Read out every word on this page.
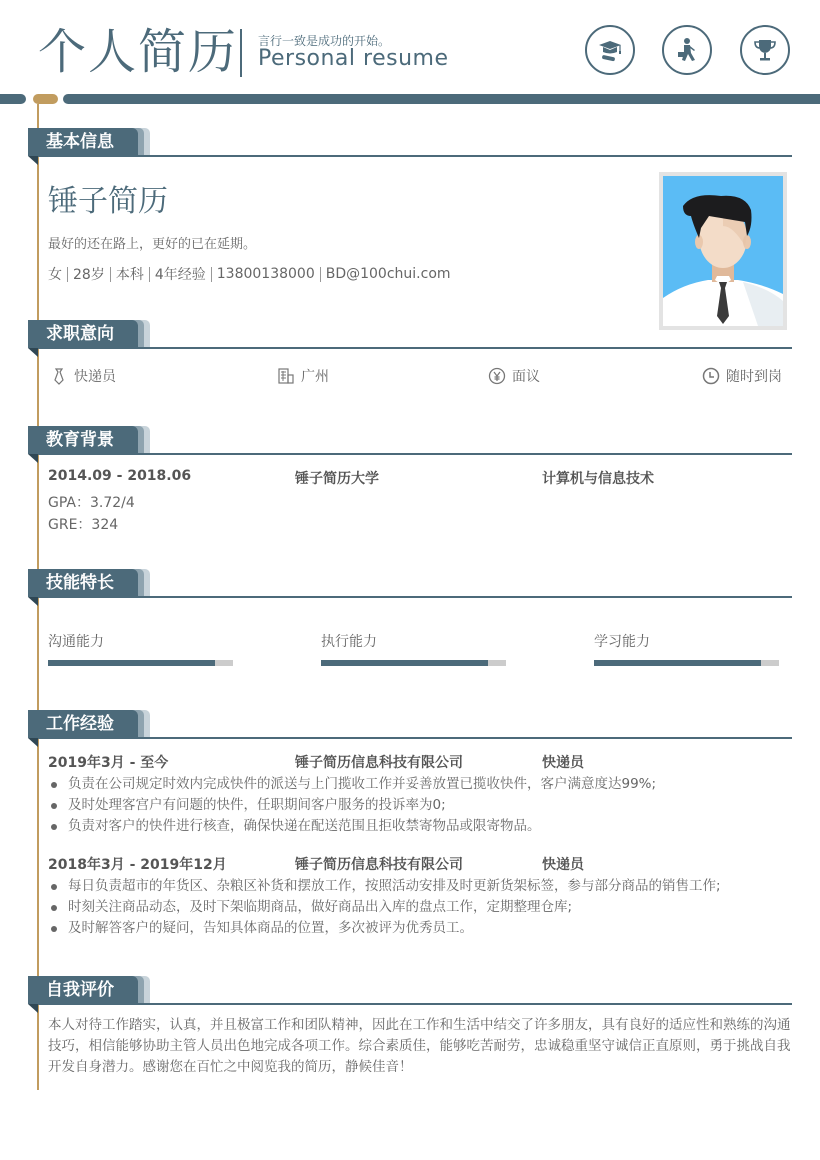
个人简历 言行一致是成功的开始。
Personal resume
基本信息
锤子简历
最好的还在路上，更好的已在延期。
女 28岁 本科 4年经验 13800138000 BD@100chui.com
求职意向
快递员	广州	面议	随时到岗
教育背景
2014.09 - 2018.06	锤子简历大学	计算机与信息技术
GPA：3.72/4
GRE：324
技能特长
沟通能力	执行能力	学习能力
工作经验
2019年3月 - 至今	锤子简历信息科技有限公司	快递员
负责在公司规定时效内完成快件的派送与上门揽收工作并妥善放置已揽收快件，客户满意度达99%;
及时处理客宫户有问题的快件，任职期间客户服务的投诉率为0;
负责对客户的快件进行核查，确保快递在配送范围且拒收禁寄物品或限寄物品。
2018年3月 - 2019年12月	锤子简历信息科技有限公司	快递员
每日负责超市的年货区、杂粮区补货和摆放工作，按照活动安排及时更新货架标签，参与部分商品的销售工作;
时刻关注商品动态，及时下架临期商品，做好商品出入库的盘点工作，定期整理仓库;
及时解答客户的疑问，告知具体商品的位置，多次被评为优秀员工。
自我评价
本人对待工作踏实，认真，并且极富工作和团队精神，因此在工作和生活中结交了许多朋友，具有良好的适应性和熟练的沟通技巧，相信能够协助主管人员出色地完成各项工作。综合素质佳，能够吃苦耐劳，忠诚稳重坚守诚信正直原则，勇于挑战自我开发自身潜力。感谢您在百忙之中阅览我的简历，静候佳音！
